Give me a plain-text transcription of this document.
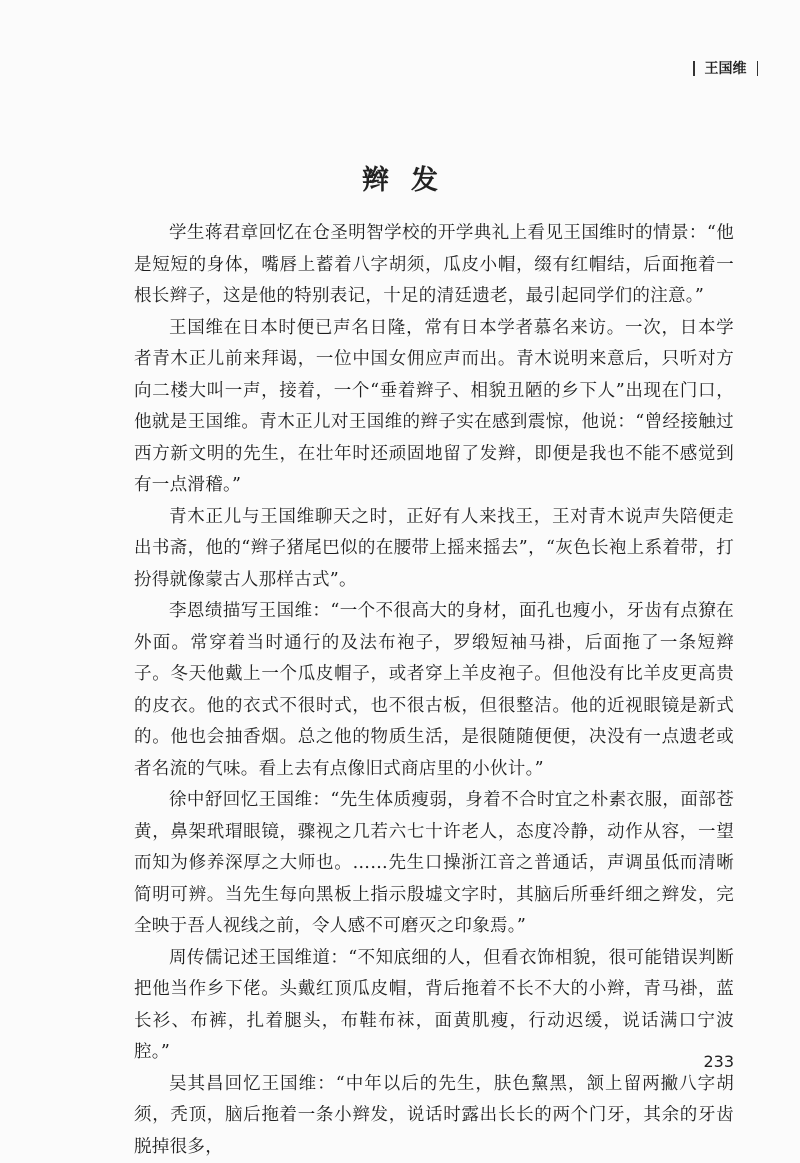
王国维
辫发

学生蒋君章回忆在仓圣明智学校的开学典礼上看见王国维时的情景：“他是短短的身体，嘴唇上蓄着八字胡须，瓜皮小帽，缀有红帽结，后面拖着一根长辫子，这是他的特别表记，十足的清廷遗老，最引起同学们的注意。”

王国维在日本时便已声名日隆，常有日本学者慕名来访。一次，日本学者青木正儿前来拜谒，一位中国女佣应声而出。青木说明来意后，只听对方向二楼大叫一声，接着，一个“垂着辫子、相貌丑陋的乡下人”出现在门口，他就是王国维。青木正儿对王国维的辫子实在感到震惊，他说：“曾经接触过西方新文明的先生，在壮年时还顽固地留了发辫，即便是我也不能不感觉到有一点滑稽。”

青木正儿与王国维聊天之时，正好有人来找王，王对青木说声失陪便走出书斋，他的“辫子猪尾巴似的在腰带上摇来摇去”，“灰色长袍上系着带，打扮得就像蒙古人那样古式”。

李恩绩描写王国维：“一个不很高大的身材，面孔也瘦小，牙齿有点獠在外面。常穿着当时通行的及法布袍子，罗缎短袖马褂，后面拖了一条短辫子。冬天他戴上一个瓜皮帽子，或者穿上羊皮袍子。但他没有比羊皮更高贵的皮衣。他的衣式不很时式，也不很古板，但很整洁。他的近视眼镜是新式的。他也会抽香烟。总之他的物质生活，是很随随便便，决没有一点遗老或者名流的气味。看上去有点像旧式商店里的小伙计。”

徐中舒回忆王国维：“先生体质瘦弱，身着不合时宜之朴素衣服，面部苍黄，鼻架玳瑁眼镜，骤视之几若六七十许老人，态度冷静，动作从容，一望而知为修养深厚之大师也。……先生口操浙江音之普通话，声调虽低而清晰简明可辨。当先生每向黑板上指示殷墟文字时，其脑后所垂纤细之辫发，完全映于吾人视线之前，令人感不可磨灭之印象焉。”

周传儒记述王国维道：“不知底细的人，但看衣饰相貌，很可能错误判断把他当作乡下佬。头戴红顶瓜皮帽，背后拖着不长不大的小辫，青马褂，蓝长衫、布裤，扎着腿头，布鞋布袜，面黄肌瘦，行动迟缓，说话满口宁波腔。”

吴其昌回忆王国维：“中年以后的先生，肤色黧黑，颔上留两撇八字胡须，秃顶，脑后拖着一条小辫发，说话时露出长长的两个门牙，其余的牙齿脱掉很多，

233
